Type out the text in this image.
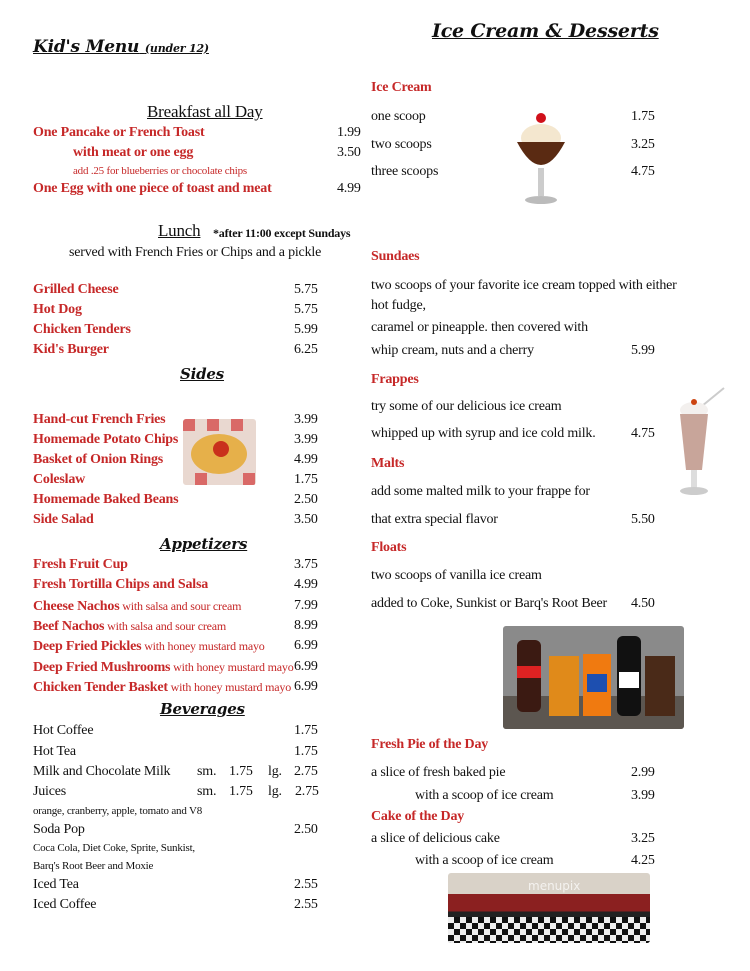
Kid's Menu (under 12)
Breakfast all Day
One Pancake or French Toast	1.99
with meat or one egg	3.50
add .25 for blueberries or chocolate chips
One Egg with one piece of toast and meat	4.99
Lunch *after 11:00 except Sundays
served with French Fries or Chips and a pickle
Grilled Cheese	5.75
Hot Dog	5.75
Chicken Tenders	5.99
Kid's Burger	6.25
Sides
Hand-cut French Fries	3.99
Homemade Potato Chips	3.99
Basket of Onion Rings	4.99
Coleslaw	1.75
Homemade Baked Beans	2.50
Side Salad	3.50
Appetizers
Fresh Fruit Cup	3.75
Fresh Tortilla Chips and Salsa	4.99
Cheese Nachos with salsa and sour cream	7.99
Beef Nachos with salsa and sour cream	8.99
Deep Fried Pickles with honey mustard mayo 6.99
Deep Fried Mushrooms with honey mustard mayo 6.99
Chicken Tender Basket with honey mustard mayo 6.99
Beverages
Hot Coffee	1.75
Hot Tea	1.75
Milk and Chocolate Milk sm. 1.75 lg. 2.75
Juices	sm. 1.75 lg. 2.75
orange, cranberry, apple, tomato and V8
Soda Pop	2.50
Coca Cola, Diet Coke, Sprite, Sunkist,
Barq's Root Beer and Moxie
Iced Tea	2.55
Iced Coffee	2.55
Ice Cream & Desserts
Ice Cream
one scoop	1.75
two scoops	3.25
three scoops	4.75
Sundaes
two scoops of your favorite ice cream topped with either
hot fudge,
caramel or pineapple. then covered with
whip cream, nuts and a cherry	5.99
Frappes
try some of our delicious ice cream
whipped up with syrup and ice cold milk.	4.75
Malts
add some malted milk to your frappe for
that extra special flavor	5.50
Floats
two scoops of vanilla ice cream
added to Coke, Sunkist or Barq's Root Beer 4.50
Fresh Pie of the Day
a slice of fresh baked pie	2.99
with a scoop of ice cream	3.99
Cake of the Day
a slice of delicious cake	3.25
with a scoop of ice cream	4.25
menupix
